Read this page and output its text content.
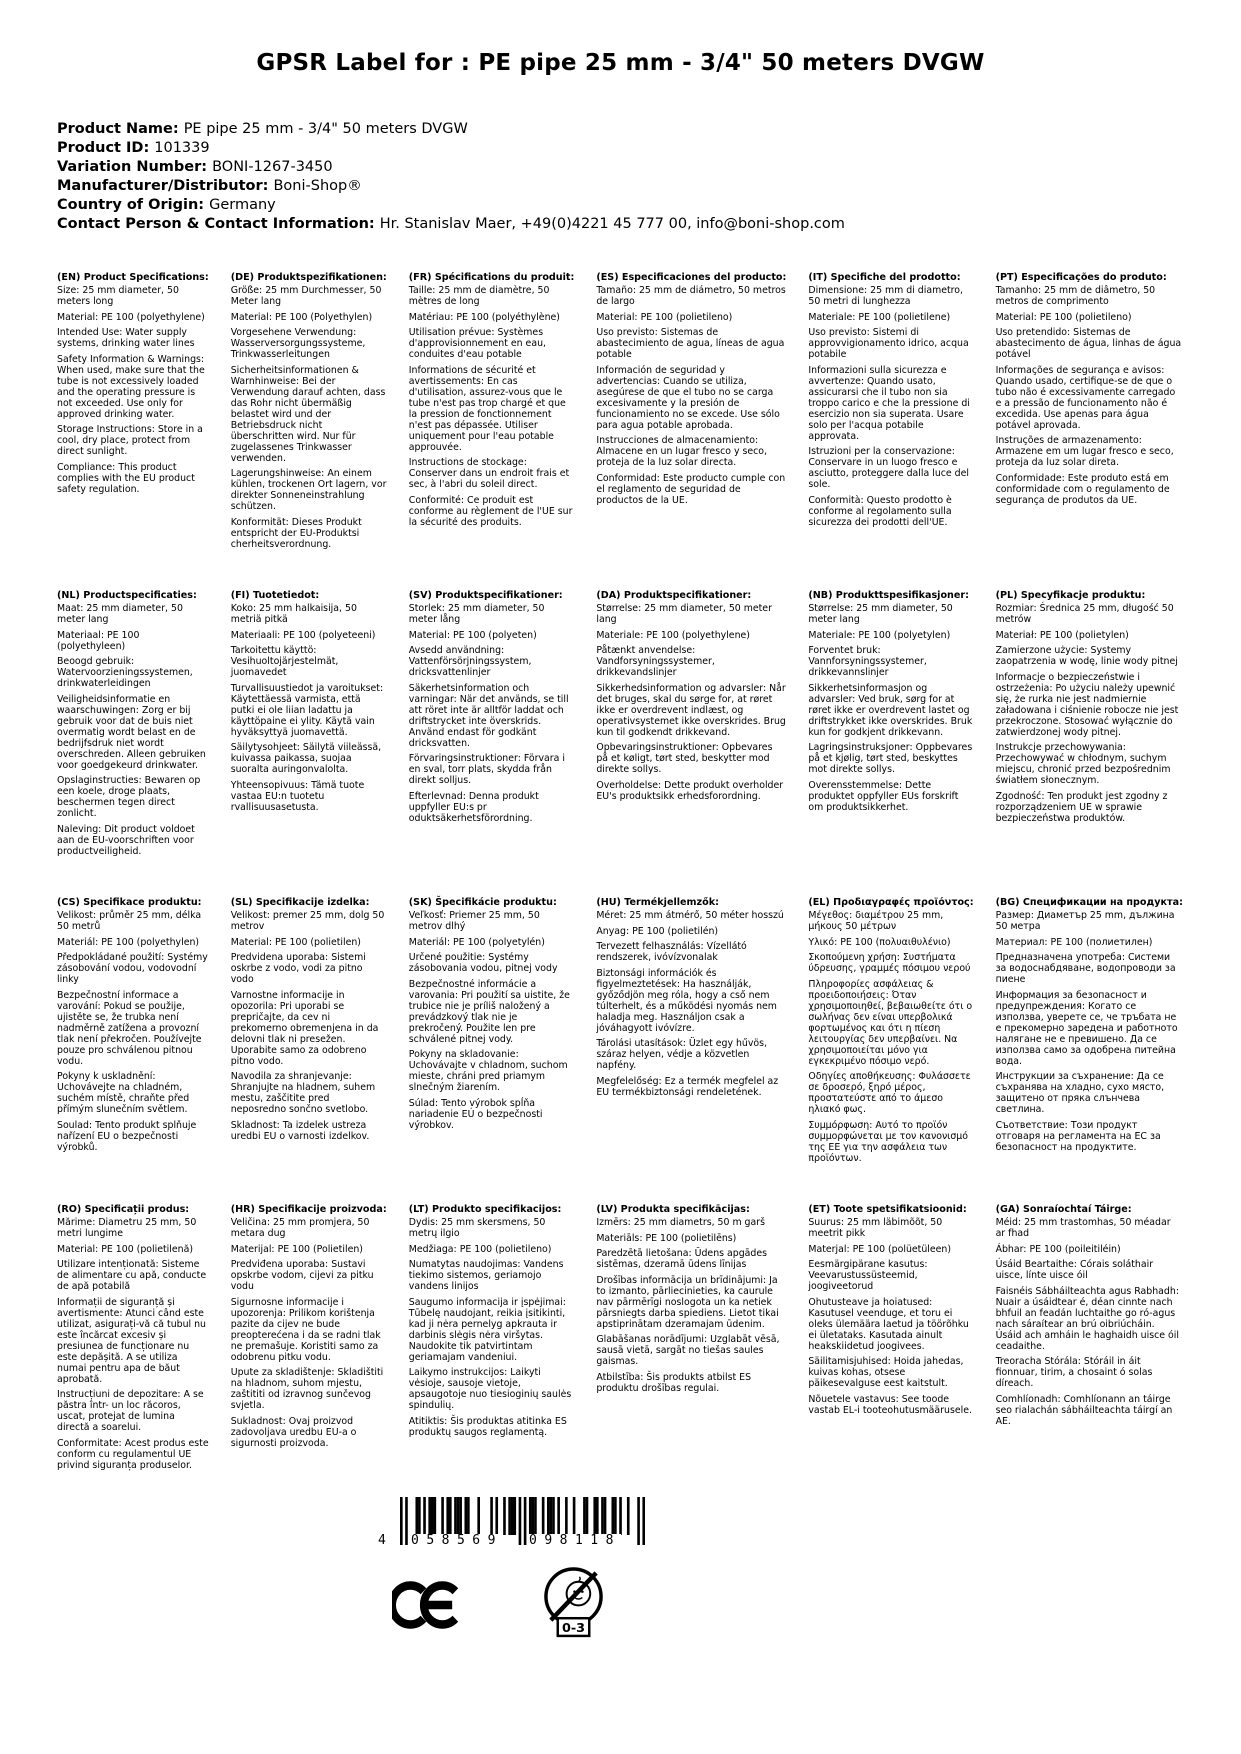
GPSR Label for : PE pipe 25 mm - 3/4" 50 meters DVGW
Product Name: PE pipe 25 mm - 3/4" 50 meters DVGW
Product ID: 101339
Variation Number: BONI-1267-3450
Manufacturer/Distributor: Boni-Shop®
Country of Origin: Germany
Contact Person & Contact Information: Hr. Stanislav Maer, +49(0)4221 45 777 00, info@boni-shop.com
(EN) Product Specifications:

Size: 25 mm diameter, 50 meters long

Material: PE 100 (polyethylene)

Intended Use: Water supply systems, drinking water lines

Safety Information & Warnings: When used, make sure that the tube is not excessively loaded and the operating pressure is not exceeded. Use only for approved drinking water.

Storage Instructions: Store in a cool, dry place, protect from direct sunlight.

Compliance: This product complies with the EU product safety regulation.

(DE) Produktspezifikationen:

Größe: 25 mm Durchmesser, 50 Meter lang

Material: PE 100 (Polyethylen)

Vorgesehene Verwendung: Wasserversorgungssysteme, Trinkwasserleitungen

Sicherheitsinformationen & Warnhinweise: Bei der Verwendung darauf achten, dass das Rohr nicht übermäßig belastet wird und der Betriebsdruck nicht überschritten wird. Nur für zugelassenes Trinkwasser verwenden.

Lagerungshinweise: An einem kühlen, trockenen Ort lagern, vor direkter Sonneneinstrahlung schützen.

Konformität: Dieses Produkt entspricht der EU-Produktsi cherheitsverordnung.

(FR) Spécifications du produit:

Taille: 25 mm de diamètre, 50 mètres de long

Matériau: PE 100 (polyéthylène)

Utilisation prévue: Systèmes d'approvisionnement en eau, conduites d'eau potable

Informations de sécurité et avertissements: En cas d'utilisation, assurez-vous que le tube n'est pas trop chargé et que la pression de fonctionnement n'est pas dépassée. Utiliser uniquement pour l'eau potable approuvée.

Instructions de stockage: Conserver dans un endroit frais et sec, à l'abri du soleil direct.

Conformité: Ce produit est conforme au règlement de l'UE sur la sécurité des produits.

(ES) Especificaciones del producto:

Tamaño: 25 mm de diámetro, 50 metros de largo

Material: PE 100 (polietileno)

Uso previsto: Sistemas de abastecimiento de agua, líneas de agua potable

Información de seguridad y advertencias: Cuando se utiliza, asegúrese de que el tubo no se carga excesivamente y la presión de funcionamiento no se excede. Use sólo para agua potable aprobada.

Instrucciones de almacenamiento: Almacene en un lugar fresco y seco, proteja de la luz solar directa.

Conformidad: Este producto cumple con el reglamento de seguridad de productos de la UE.

(IT) Specifiche del prodotto:

Dimensione: 25 mm di diametro, 50 metri di lunghezza

Materiale: PE 100 (polietilene)

Uso previsto: Sistemi di approvvigionamento idrico, acqua potabile

Informazioni sulla sicurezza e avvertenze: Quando usato, assicurarsi che il tubo non sia troppo carico e che la pressione di esercizio non sia superata. Usare solo per l'acqua potabile approvata.

Istruzioni per la conservazione: Conservare in un luogo fresco e asciutto, proteggere dalla luce del sole.

Conformità: Questo prodotto è conforme al regolamento sulla sicurezza dei prodotti dell'UE.

(PT) Especificações do produto:

Tamanho: 25 mm de diâmetro, 50 metros de comprimento

Material: PE 100 (polietileno)

Uso pretendido: Sistemas de abastecimento de água, linhas de água potável

Informações de segurança e avisos: Quando usado, certifique-se de que o tubo não é excessivamente carregado e a pressão de funcionamento não é excedida. Use apenas para água potável aprovada.

Instruções de armazenamento: Armazene em um lugar fresco e seco, proteja da luz solar direta.

Conformidade: Este produto está em conformidade com o regulamento de segurança de produtos da UE.

(NL) Productspecificaties:

Maat: 25 mm diameter, 50 meter lang

Materiaal: PE 100 (polyethyleen)

Beoogd gebruik: Watervoorzieningssystemen, drinkwaterleidingen

Veiligheidsinformatie en waarschuwingen: Zorg er bij gebruik voor dat de buis niet overmatig wordt belast en de bedrijfsdruk niet wordt overschreden. Alleen gebruiken voor goedgekeurd drinkwater.

Opslaginstructies: Bewaren op een koele, droge plaats, beschermen tegen direct zonlicht.

Naleving: Dit product voldoet aan de EU-voorschriften voor productveiligheid.

(FI) Tuotetiedot:

Koko: 25 mm halkaisija, 50 metriä pitkä

Materiaali: PE 100 (polyeteeni)

Tarkoitettu käyttö: Vesihuoltojärjestelmät, juomavedet

Turvallisuustiedot ja varoitukset: Käytettäessä varmista, että putki ei ole liian ladattu ja käyttöpaine ei ylity. Käytä vain hyväksyttyä juomavettä.

Säilytysohjeet: Säilytä viileässä, kuivassa paikassa, suojaa suoralta auringonvalolta.

Yhteensopivuus: Tämä tuote vastaa EU:n tuotetu rvallisuusasetusta.

(SV) Produktspecifikationer:

Storlek: 25 mm diameter, 50 meter lång

Material: PE 100 (polyeten)

Avsedd användning: Vattenförsörjningssystem, dricksvattenlinjer

Säkerhetsinformation och varningar: När det används, se till att röret inte är alltför laddat och driftstrycket inte överskrids. Använd endast för godkänt dricksvatten.

Förvaringsinstruktioner: Förvara i en sval, torr plats, skydda från direkt solljus.

Efterlevnad: Denna produkt uppfyller EU:s pr oduktsäkerhetsförordning.

(DA) Produktspecifikationer:

Størrelse: 25 mm diameter, 50 meter lang

Materiale: PE 100 (polyethylene)

Påtænkt anvendelse: Vandforsyningssystemer, drikkevandslinjer

Sikkerhedsinformation og advarsler: Når det bruges, skal du sørge for, at røret ikke er overdrevent indlæst, og operativsystemet ikke overskrides. Brug kun til godkendt drikkevand.

Opbevaringsinstruktioner: Opbevares på et køligt, tørt sted, beskytter mod direkte sollys.

Overholdelse: Dette produkt overholder EU's produktsikk erhedsforordning.

(NB) Produkttspesifikasjoner:

Størrelse: 25 mm diameter, 50 meter lang

Materiale: PE 100 (polyetylen)

Forventet bruk: Vannforsyningssystemer, drikkevannslinjer

Sikkerhetsinformasjon og advarsler: Ved bruk, sørg for at røret ikke er overdrevent lastet og driftstrykket ikke overskrides. Bruk kun for godkjent drikkevann.

Lagringsinstruksjoner: Oppbevares på et kjølig, tørt sted, beskyttes mot direkte sollys.

Overensstemmelse: Dette produktet oppfyller EUs forskrift om produktsikkerhet.

(PL) Specyfikacje produktu:

Rozmiar: Średnica 25 mm, długość 50 metrów

Materiał: PE 100 (polietylen)

Zamierzone użycie: Systemy zaopatrzenia w wodę, linie wody pitnej

Informacje o bezpieczeństwie i ostrzeżenia: Po użyciu należy upewnić się, że rurka nie jest nadmiernie załadowana i ciśnienie robocze nie jest przekroczone. Stosować wyłącznie do zatwierdzonej wody pitnej.

Instrukcje przechowywania: Przechowywać w chłodnym, suchym miejscu, chronić przed bezpośrednim światłem słonecznym.

Zgodność: Ten produkt jest zgodny z rozporządzeniem UE w sprawie bezpieczeństwa produktów.

(CS) Specifikace produktu:

Velikost: průměr 25 mm, délka 50 metrů

Materiál: PE 100 (polyethylen)

Předpokládané použití: Systémy zásobování vodou, vodovodní linky

Bezpečnostní informace a varování: Pokud se použije, ujistěte se, že trubka není nadměrně zatížena a provozní tlak není překročen. Používejte pouze pro schválenou pitnou vodu.

Pokyny k uskladnění: Uchovávejte na chladném, suchém místě, chraňte před přímým slunečním světlem.

Soulad: Tento produkt splňuje nařízení EU o bezpečnosti výrobků.

(SL) Specifikacije izdelka:

Velikost: premer 25 mm, dolg 50 metrov

Material: PE 100 (polietilen)

Predvidena uporaba: Sistemi oskrbe z vodo, vodi za pitno vodo

Varnostne informacije in opozorila: Pri uporabi se prepričajte, da cev ni prekomerno obremenjena in da delovni tlak ni presežen. Uporabite samo za odobreno pitno vodo.

Navodila za shranjevanje: Shranjujte na hladnem, suhem mestu, zaščitite pred neposredno sončno svetlobo.

Skladnost: Ta izdelek ustreza uredbi EU o varnosti izdelkov.

(SK) Špecifikácie produktu:

Veľkosť: Priemer 25 mm, 50 metrov dlhý

Materiál: PE 100 (polyetylén)

Určené použitie: Systémy zásobovania vodou, pitnej vody

Bezpečnostné informácie a varovania: Pri použití sa uistite, že trubice nie je príliš naložený a prevádzkový tlak nie je prekročený. Použite len pre schválené pitnej vody.

Pokyny na skladovanie: Uchovávajte v chladnom, suchom mieste, chráni pred priamym slnečným žiarením.

Súlad: Tento výrobok spĺňa nariadenie EÚ o bezpečnosti výrobkov.

(HU) Termékjellemzők:

Méret: 25 mm átmérő, 50 méter hosszú

Anyag: PE 100 (polietilén)

Tervezett felhasználás: Vízellátó rendszerek, ivóvízvonalak

Biztonsági információk és figyelmeztetések: Ha használják, győződjön meg róla, hogy a cső nem túlterhelt, és a működési nyomás nem haladja meg. Használjon csak a jóváhagyott ivóvízre.

Tárolási utasítások: Üzlet egy hűvös, száraz helyen, védje a közvetlen napfény.

Megfelelőség: Ez a termék megfelel az EU termékbiztonsági rendeletének.

(EL) Προδιαγραφές προϊόντος:

Μέγεθος: διαμέτρου 25 mm, μήκους 50 μέτρων

Υλικό: PE 100 (πολυαιθυλένιο)

Σκοπούμενη χρήση: Συστήματα ύδρευσης, γραμμές πόσιμου νερού

Πληροφορίες ασφάλειας & προειδοποιήσεις: Όταν χρησιμοποιηθεί, βεβαιωθείτε ότι ο σωλήνας δεν είναι υπερβολικά φορτωμένος και ότι η πίεση λειτουργίας δεν υπερβαίνει. Να χρησιμοποιείται μόνο για εγκεκριμένο πόσιμο νερό.

Οδηγίες αποθήκευσης: Φυλάσσετε σε δροσερό, ξηρό μέρος, προστατεύστε από το άμεσο ηλιακό φως.

Συμμόρφωση: Αυτό το προϊόν συμμορφώνεται με τον κανονισμό της ΕΕ για την ασφάλεια των προϊόντων.

(BG) Спецификации на продукта:

Размер: Диаметър 25 mm, дължина 50 метра

Материал: PE 100 (полиетилен)

Предназначена употреба: Системи за водоснабдяване, водопроводи за пиене

Информация за безопасност и предупреждения: Когато се използва, уверете се, че тръбата не е прекомерно заредена и работното налягане не е превишено. Да се използва само за одобрена питейна вода.

Инструкции за съхранение: Да се съхранява на хладно, сухо място, защитено от пряка слънчева светлина.

Съответствие: Този продукт отговаря на регламента на ЕС за безопасност на продуктите.

(RO) Specificații produs:

Mărime: Diametru 25 mm, 50 metri lungime

Material: PE 100 (polietilenă)

Utilizare intenționată: Sisteme de alimentare cu apă, conducte de apă potabilă

Informații de siguranță și avertismente: Atunci când este utilizat, asigurați-vă că tubul nu este încărcat excesiv și presiunea de funcționare nu este depășită. A se utiliza numai pentru apa de băut aprobată.

Instrucțiuni de depozitare: A se păstra într- un loc răcoros, uscat, protejat de lumina directă a soarelui.

Conformitate: Acest produs este conform cu regulamentul UE privind siguranța produselor.

(HR) Specifikacije proizvoda:

Veličina: 25 mm promjera, 50 metara dug

Materijal: PE 100 (Polietilen)

Predviđena uporaba: Sustavi opskrbe vodom, cijevi za pitku vodu

Sigurnosne informacije i upozorenja: Prilikom korištenja pazite da cijev ne bude preopterećena i da se radni tlak ne premašuje. Koristiti samo za odobrenu pitku vodu.

Upute za skladištenje: Skladištiti na hladnom, suhom mjestu, zaštititi od izravnog sunčevog svjetla.

Sukladnost: Ovaj proizvod zadovoljava uredbu EU-a o sigurnosti proizvoda.

(LT) Produkto specifikacijos:

Dydis: 25 mm skersmens, 50 metrų ilgio

Medžiaga: PE 100 (polietileno)

Numatytas naudojimas: Vandens tiekimo sistemos, geriamojo vandens linijos

Saugumo informacija ir įspėjimai: Tūbelę naudojant, reikia įsitikinti, kad ji nėra pernelyg apkrauta ir darbinis slėgis nėra viršytas. Naudokite tik patvirtintam geriamajam vandeniui.

Laikymo instrukcijos: Laikyti vėsioje, sausoje vietoje, apsaugotoje nuo tiesioginių saulės spindulių.

Atitiktis: Šis produktas atitinka ES produktų saugos reglamentą.

(LV) Produkta specifikācijas:

Izmērs: 25 mm diametrs, 50 m garš

Materiāls: PE 100 (polietilēns)

Paredzētā lietošana: Ūdens apgādes sistēmas, dzeramā ūdens līnijas

Drošības informācija un brīdinājumi: Ja to izmanto, pārliecinieties, ka caurule nav pārmērīgi noslogota un ka netiek pārsniegts darba spiediens. Lietot tikai apstiprinātam dzeramajam ūdenim.

Glabāšanas norādījumi: Uzglabāt vēsā, sausā vietā, sargāt no tiešas saules gaismas.

Atbilstība: Šis produkts atbilst ES produktu drošības regulai.

(ET) Toote spetsifikatsioonid:

Suurus: 25 mm läbimõõt, 50 meetrit pikk

Materjal: PE 100 (polüetüleen)

Eesmärgipärane kasutus: Veevarustussüsteemid, joogiveetorud

Ohutusteave ja hoiatused: Kasutusel veenduge, et toru ei oleks ülemäära laetud ja töörõhku ei ületataks. Kasutada ainult heakskiidetud joogivees.

Säilitamisjuhised: Hoida jahedas, kuivas kohas, otsese päikesevalguse eest kaitstult.

Nõuetele vastavus: See toode vastab EL-i tooteohutusmäärusele.

(GA) Sonraíochtaí Táirge:

Méid: 25 mm trastomhas, 50 méadar ar fhad

Ábhar: PE 100 (poileitiléin)

Úsáid Beartaithe: Córais soláthair uisce, línte uisce óil

Faisnéis Sábháilteachta agus Rabhadh: Nuair a úsáidtear é, déan cinnte nach bhfuil an feadán luchtaithe go ró-agus nach sáraítear an brú oibriúcháin. Úsáid ach amháin le haghaidh uisce óil ceadaithe.

Treoracha Stórála: Stóráil in áit fionnuar, tirim, a chosaint ó solas díreach.

Comhlíonadh: Comhlíonann an táirge seo rialachán sábháilteachta táirgí an AE.

4 058569 098118
0-3
